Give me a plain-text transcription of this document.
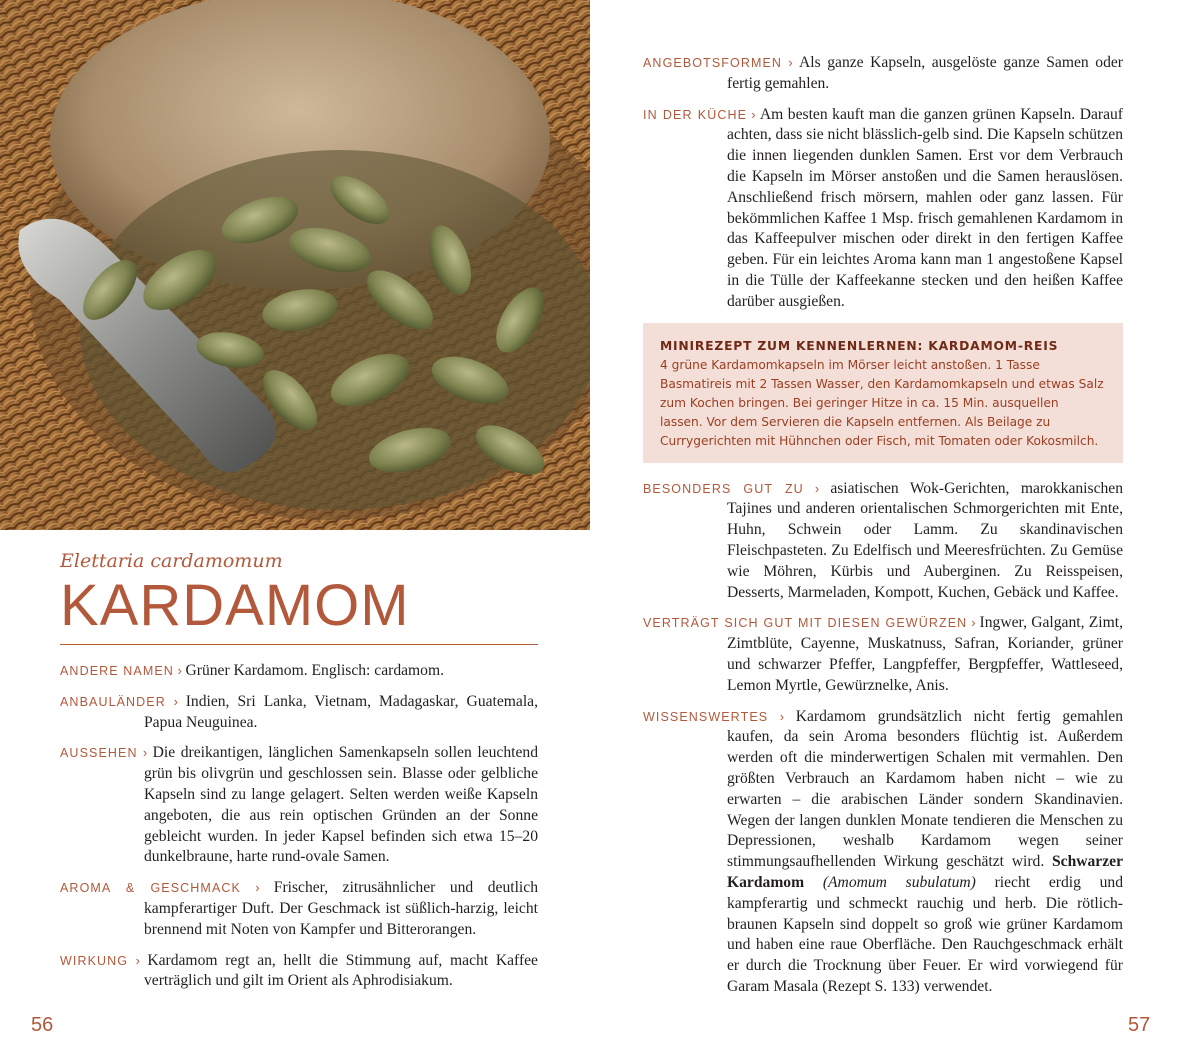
Elettaria cardamomum

KARDAMOM

ANDERE NAMEN › Grüner Kardamom. Englisch: cardamom.

ANBAULÄNDER › Indien, Sri Lanka, Vietnam, Madagaskar, Guatemala, Papua Neuguinea.

AUSSEHEN › Die dreikantigen, länglichen Samenkapseln sollen leuchtend grün bis olivgrün und geschlossen sein. Blasse oder gelbliche Kapseln sind zu lange gelagert. Selten werden weiße Kapseln angeboten, die aus rein optischen Gründen an der Sonne gebleicht wurden. In jeder Kapsel befinden sich etwa 15–20 dunkelbraune, harte rund-ovale Samen.

AROMA & GESCHMACK › Frischer, zitrusähnlicher und deutlich kampferartiger Duft. Der Geschmack ist süßlich-harzig, leicht brennend mit Noten von Kampfer und Bitterorangen.

WIRKUNG › Kardamom regt an, hellt die Stimmung auf, macht Kaffee verträglich und gilt im Orient als Aphrodisiakum.

ANGEBOTSFORMEN › Als ganze Kapseln, ausgelöste ganze Samen oder fertig gemahlen.

IN DER KÜCHE › Am besten kauft man die ganzen grünen Kapseln. Darauf achten, dass sie nicht blässlich-gelb sind. Die Kapseln schützen die innen liegenden dunklen Samen. Erst vor dem Verbrauch die Kapseln im Mörser anstoßen und die Samen herauslösen. Anschließend frisch mörsern, mahlen oder ganz lassen. Für bekömmlichen Kaffee 1 Msp. frisch gemahlenen Kardamom in das Kaffeepulver mischen oder direkt in den fertigen Kaffee geben. Für ein leichtes Aroma kann man 1 angestoßene Kapsel in die Tülle der Kaffeekanne stecken und den heißen Kaffee darüber ausgießen.

MINIREZEPT ZUM KENNENLERNEN: KARDAMOM-REIS
4 grüne Kardamomkapseln im Mörser leicht anstoßen. 1 Tasse Basmatireis mit 2 Tassen Wasser, den Kardamomkapseln und etwas Salz zum Kochen bringen. Bei geringer Hitze in ca. 15 Min. ausquellen lassen. Vor dem Servieren die Kapseln entfernen. Als Beilage zu Currygerichten mit Hühnchen oder Fisch, mit Tomaten oder Kokosmilch.

BESONDERS GUT ZU › asiatischen Wok-Gerichten, marokkanischen Tajines und anderen orientalischen Schmorgerichten mit Ente, Huhn, Schwein oder Lamm. Zu skandinavischen Fleischpasteten. Zu Edelfisch und Meeresfrüchten. Zu Gemüse wie Möhren, Kürbis und Auberginen. Zu Reisspeisen, Desserts, Marmeladen, Kompott, Kuchen, Gebäck und Kaffee.

VERTRÄGT SICH GUT MIT DIESEN GEWÜRZEN › Ingwer, Galgant, Zimt, Zimtblüte, Cayenne, Muskatnuss, Safran, Koriander, grüner und schwarzer Pfeffer, Langpfeffer, Bergpfeffer, Wattleseed, Lemon Myrtle, Gewürznelke, Anis.

WISSENSWERTES › Kardamom grundsätzlich nicht fertig gemahlen kaufen, da sein Aroma besonders flüchtig ist. Außerdem werden oft die minderwertigen Schalen mit vermahlen. Den größten Verbrauch an Kardamom haben nicht – wie zu erwarten – die arabischen Länder sondern Skandinavien. Wegen der langen dunklen Monate tendieren die Menschen zu Depressionen, weshalb Kardamom wegen seiner stimmungsaufhellenden Wirkung geschätzt wird. Schwarzer Kardamom (Amomum subulatum) riecht erdig und kampferartig und schmeckt rauchig und herb. Die rötlich-braunen Kapseln sind doppelt so groß wie grüner Kardamom und haben eine raue Oberfläche. Den Rauchgeschmack erhält er durch die Trocknung über Feuer. Er wird vorwiegend für Garam Masala (Rezept S. 133) verwendet.

56	57
